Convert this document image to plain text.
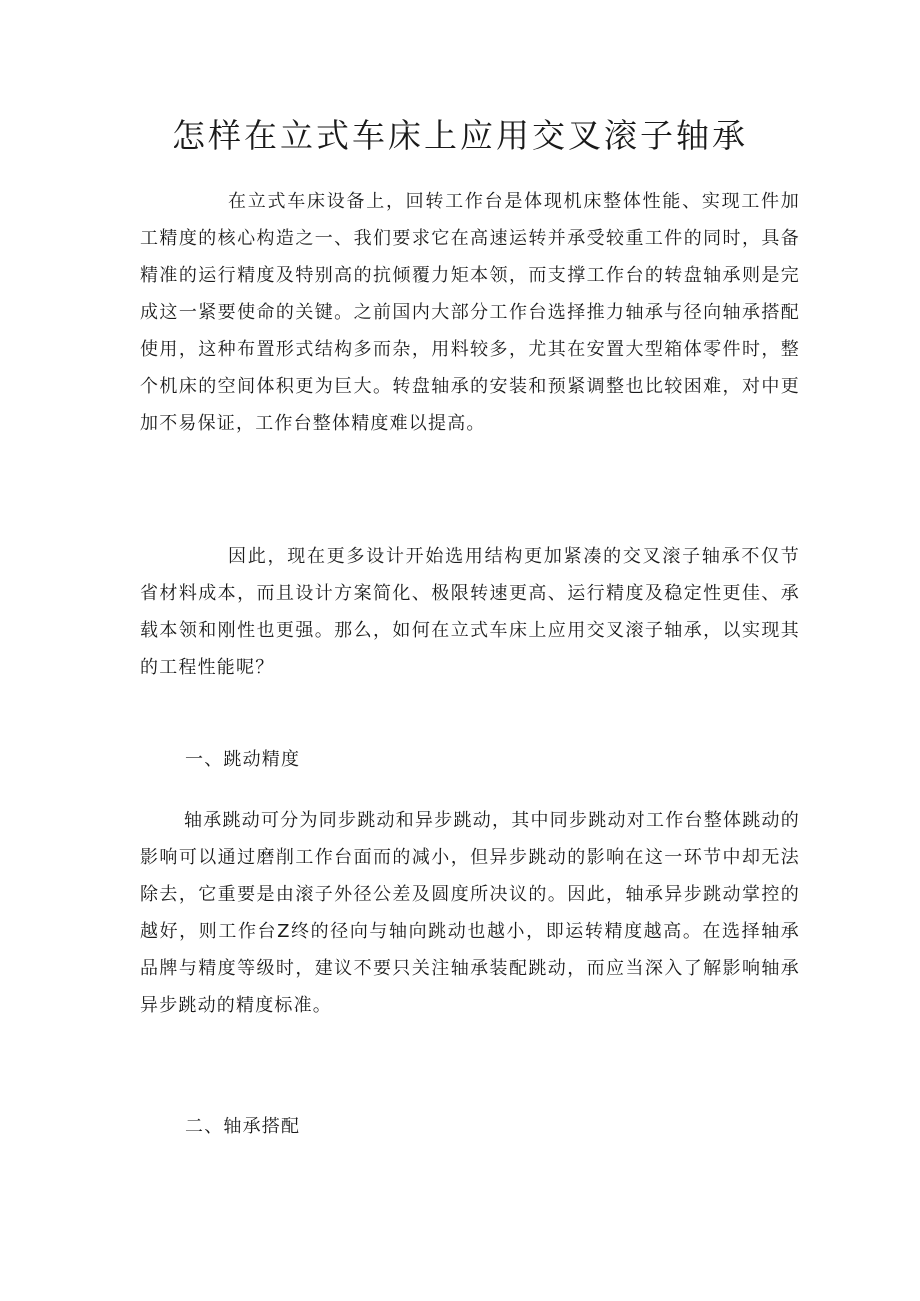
怎样在立式车床上应用交叉滚子轴承

在立式车床设备上，回转工作台是体现机床整体性能、实现工件加工精度的核心构造之一、我们要求它在高速运转并承受较重工件的同时，具备精准的运行精度及特别高的抗倾覆力矩本领，而支撑工作台的转盘轴承则是完成这一紧要使命的关键。之前国内大部分工作台选择推力轴承与径向轴承搭配使用，这种布置形式结构多而杂，用料较多，尤其在安置大型箱体零件时，整个机床的空间体积更为巨大。转盘轴承的安装和预紧调整也比较困难，对中更加不易保证，工作台整体精度难以提高。

因此，现在更多设计开始选用结构更加紧凑的交叉滚子轴承不仅节省材料成本，而且设计方案简化、极限转速更高、运行精度及稳定性更佳、承载本领和刚性也更强。那么，如何在立式车床上应用交叉滚子轴承，以实现其的工程性能呢？

一、跳动精度

轴承跳动可分为同步跳动和异步跳动，其中同步跳动对工作台整体跳动的影响可以通过磨削工作台面而的减小，但异步跳动的影响在这一环节中却无法除去，它重要是由滚子外径公差及圆度所决议的。因此，轴承异步跳动掌控的越好，则工作台Z终的径向与轴向跳动也越小，即运转精度越高。在选择轴承品牌与精度等级时，建议不要只关注轴承装配跳动，而应当深入了解影响轴承异步跳动的精度标准。

二、轴承搭配
